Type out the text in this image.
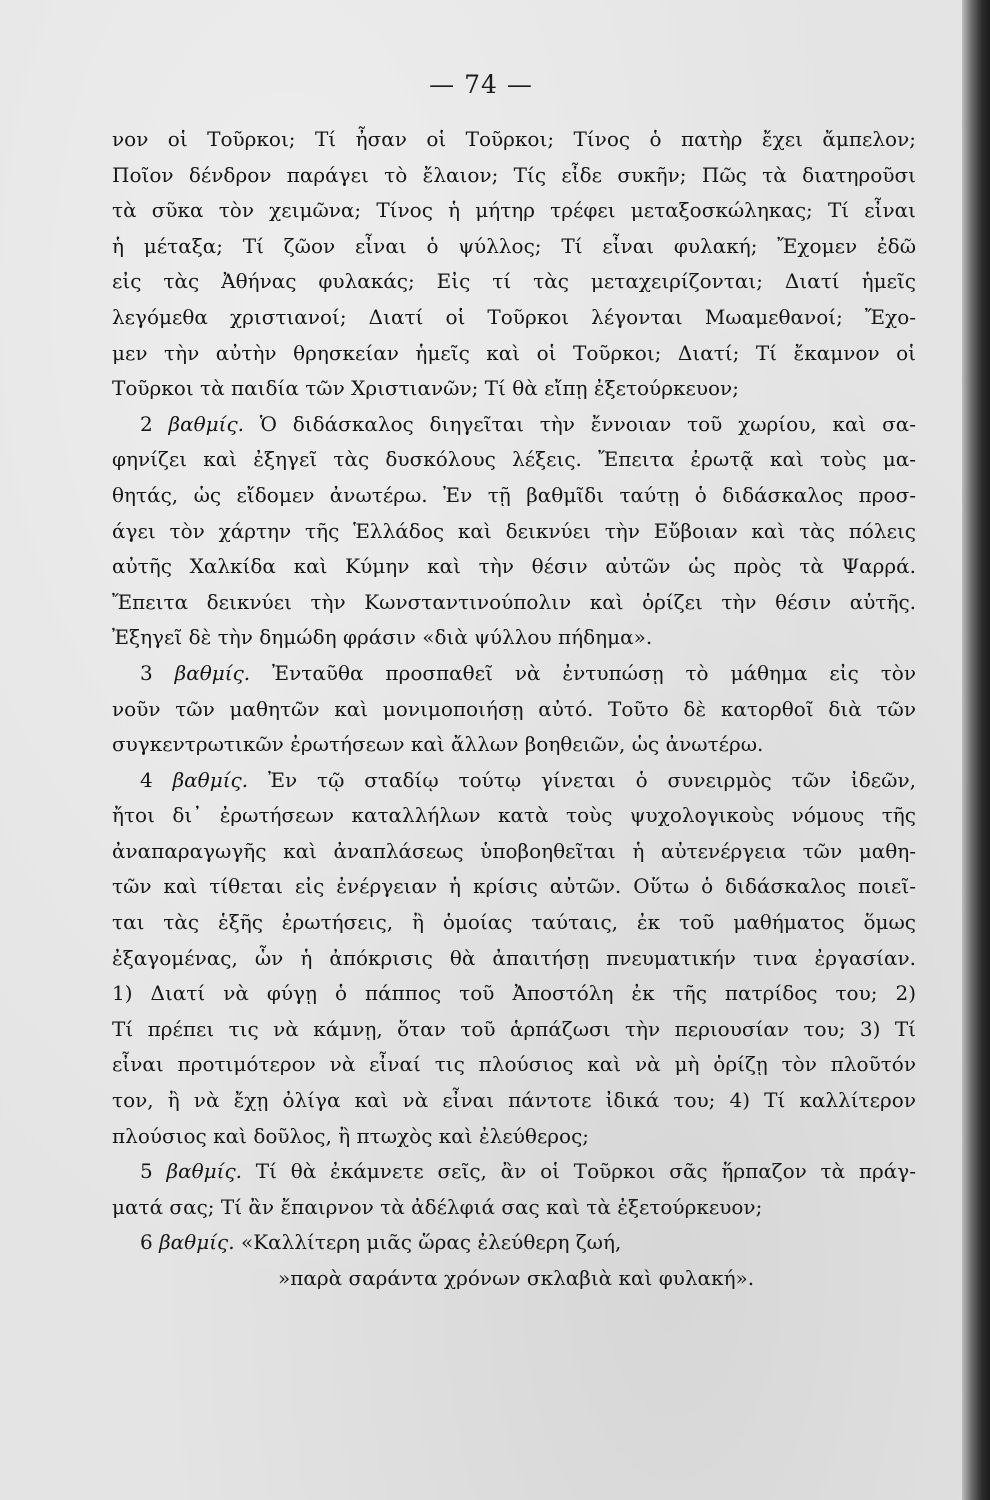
— 74 —
νον οἱ Τοῦρκοι; Τί ἦσαν οἱ Τοῦρκοι; Τίνος ὁ πατὴρ ἔχει ἄμπελον;
Ποῖον δένδρον παράγει τὸ ἔλαιον; Τίς εἶδε συκῆν; Πῶς τὰ διατηροῦσι
τὰ σῦκα τὸν χειμῶνα; Τίνος ἡ μήτηρ τρέφει μεταξοσκώληκας; Τί εἶναι
ἡ μέταξα; Τί ζῶον εἶναι ὁ ψύλλος; Τί εἶναι φυλακή; Ἔχομεν ἐδῶ
εἰς τὰς Ἀθήνας φυλακάς; Εἰς τί τὰς μεταχειρίζονται; Διατί ἡμεῖς
λεγόμεθα χριστιανοί; Διατί οἱ Τοῦρκοι λέγονται Μωαμεθανοί; Ἔχο-
μεν τὴν αὐτὴν θρησκείαν ἡμεῖς καὶ οἱ Τοῦρκοι; Διατί; Τί ἔκαμνον οἱ
Τοῦρκοι τὰ παιδία τῶν Χριστιανῶν; Τί θὰ εἴπῃ ἐξετούρκευον;
2 βαθμίς. Ὁ διδάσκαλος διηγεῖται τὴν ἔννοιαν τοῦ χωρίου, καὶ σα-
φηνίζει καὶ ἐξηγεῖ τὰς δυσκόλους λέξεις. Ἔπειτα ἐρωτᾷ καὶ τοὺς μα-
θητάς, ὡς εἴδομεν ἀνωτέρω. Ἐν τῇ βαθμῖδι ταύτῃ ὁ διδάσκαλος προσ-
άγει τὸν χάρτην τῆς Ἑλλάδος καὶ δεικνύει τὴν Εὔβοιαν καὶ τὰς πόλεις
αὐτῆς Χαλκίδα καὶ Κύμην καὶ τὴν θέσιν αὐτῶν ὡς πρὸς τὰ Ψαρρά.
Ἔπειτα δεικνύει τὴν Κωνσταντινούπολιν καὶ ὁρίζει τὴν θέσιν αὐτῆς.
Ἐξηγεῖ δὲ τὴν δημώδη φράσιν «διὰ ψύλλου πήδημα».
3 βαθμίς. Ἐνταῦθα προσπαθεῖ νὰ ἐντυπώσῃ τὸ μάθημα εἰς τὸν
νοῦν τῶν μαθητῶν καὶ μονιμοποιήσῃ αὐτό. Τοῦτο δὲ κατορθοῖ διὰ τῶν
συγκεντρωτικῶν ἐρωτήσεων καὶ ἄλλων βοηθειῶν, ὡς ἀνωτέρω.
4 βαθμίς. Ἐν τῷ σταδίῳ τούτῳ γίνεται ὁ συνειρμὸς τῶν ἰδεῶν,
ἤτοι δι᾽ ἐρωτήσεων καταλλήλων κατὰ τοὺς ψυχολογικοὺς νόμους τῆς
ἀναπαραγωγῆς καὶ ἀναπλάσεως ὑποβοηθεῖται ἡ αὐτενέργεια τῶν μαθη-
τῶν καὶ τίθεται εἰς ἐνέργειαν ἡ κρίσις αὐτῶν. Οὕτω ὁ διδάσκαλος ποιεῖ-
ται τὰς ἑξῆς ἐρωτήσεις, ἢ ὁμοίας ταύταις, ἐκ τοῦ μαθήματος ὅμως
ἐξαγομένας, ὧν ἡ ἀπόκρισις θὰ ἀπαιτήσῃ πνευματικήν τινα ἐργασίαν.
1) Διατί νὰ φύγῃ ὁ πάππος τοῦ Ἀποστόλη ἐκ τῆς πατρίδος του; 2)
Τί πρέπει τις νὰ κάμνῃ, ὅταν τοῦ ἁρπάζωσι τὴν περιουσίαν του; 3) Τί
εἶναι προτιμότερον νὰ εἶναί τις πλούσιος καὶ νὰ μὴ ὁρίζῃ τὸν πλοῦτόν
τον, ἢ νὰ ἔχῃ ὀλίγα καὶ νὰ εἶναι πάντοτε ἰδικά του; 4) Τί καλλίτερον
πλούσιος καὶ δοῦλος, ἢ πτωχὸς καὶ ἐλεύθερος;
5 βαθμίς. Τί θὰ ἐκάμνετε σεῖς, ἂν οἱ Τοῦρκοι σᾶς ἥρπαζον τὰ πράγ-
ματά σας; Τί ἂν ἔπαιρνον τὰ ἀδέλφιά σας καὶ τὰ ἐξετούρκευον;
6 βαθμίς. «Καλλίτερη μιᾶς ὥρας ἐλεύθερη ζωή,
»παρὰ σαράντα χρόνων σκλαβιὰ καὶ φυλακή».
